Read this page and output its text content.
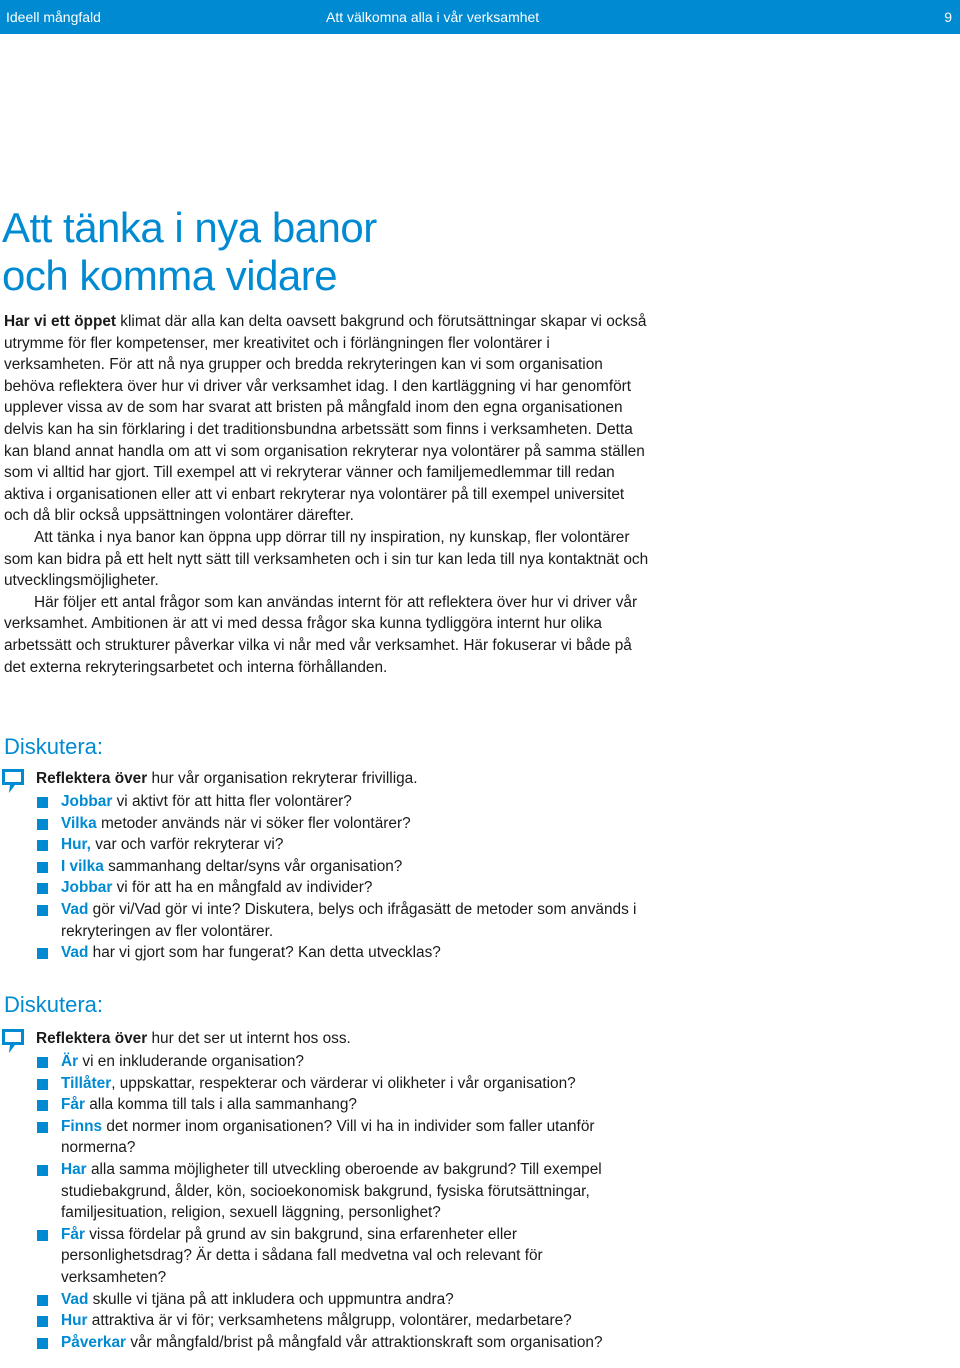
Ideell mångfald	Att välkomna alla i vår verksamhet	9
Att tänka i nya banor
och komma vidare

Har vi ett öppet klimat där alla kan delta oavsett bakgrund och förutsättningar skapar vi också utrymme för fler kompetenser, mer kreativitet och i förlängningen fler volontärer i verksamheten. För att nå nya grupper och bredda rekryteringen kan vi som organisation behöva reflektera över hur vi driver vår verksamhet idag. I den kartläggning vi har genomfört upplever vissa av de som har svarat att bristen på mångfald inom den egna organisationen delvis kan ha sin förklaring i det traditionsbundna arbetssätt som finns i verksamheten. Detta kan bland annat handla om att vi som organisation rekryterar nya volontärer på samma ställen som vi alltid har gjort. Till exempel att vi rekryterar vänner och familjemedlemmar till redan aktiva i organisationen eller att vi enbart rekryterar nya volontärer på till exempel universitet och då blir också uppsättningen volontärer därefter.

Att tänka i nya banor kan öppna upp dörrar till ny inspiration, ny kunskap, fler volontärer som kan bidra på ett helt nytt sätt till verksamheten och i sin tur kan leda till nya kontaktnät och utvecklingsmöjligheter.

Här följer ett antal frågor som kan användas internt för att reflektera över hur vi driver vår verksamhet. Ambitionen är att vi med dessa frågor ska kunna tydliggöra internt hur olika arbetssätt och strukturer påverkar vilka vi når med vår verksamhet. Här fokuserar vi både på det externa rekryteringsarbetet och interna förhållanden.

Diskutera:
Reflektera över hur vår organisation rekryterar frivilliga.
Jobbar vi aktivt för att hitta fler volontärer?
Vilka metoder används när vi söker fler volontärer?
Hur, var och varför rekryterar vi?
I vilka sammanhang deltar/syns vår organisation?
Jobbar vi för att ha en mångfald av individer?
Vad gör vi/Vad gör vi inte? Diskutera, belys och ifrågasätt de metoder som används i rekryteringen av fler volontärer.
Vad har vi gjort som har fungerat? Kan detta utvecklas?
Diskutera:
Reflektera över hur det ser ut internt hos oss.
Är vi en inkluderande organisation?
Tillåter, uppskattar, respekterar och värderar vi olikheter i vår organisation?
Får alla komma till tals i alla sammanhang?
Finns det normer inom organisationen? Vill vi ha in individer som faller utanför normerna?
Har alla samma möjligheter till utveckling oberoende av bakgrund? Till exempel studiebakgrund, ålder, kön, socioekonomisk bakgrund, fysiska förutsättningar, familjesituation, religion, sexuell läggning, personlighet?
Får vissa fördelar på grund av sin bakgrund, sina erfarenheter eller personlighetsdrag? Är detta i sådana fall medvetna val och relevant för verksamheten?
Vad skulle vi tjäna på att inkludera och uppmuntra andra?
Hur attraktiva är vi för; verksamhetens målgrupp, volontärer, medarbetare?
Påverkar vår mångfald/brist på mångfald vår attraktionskraft som organisation?
